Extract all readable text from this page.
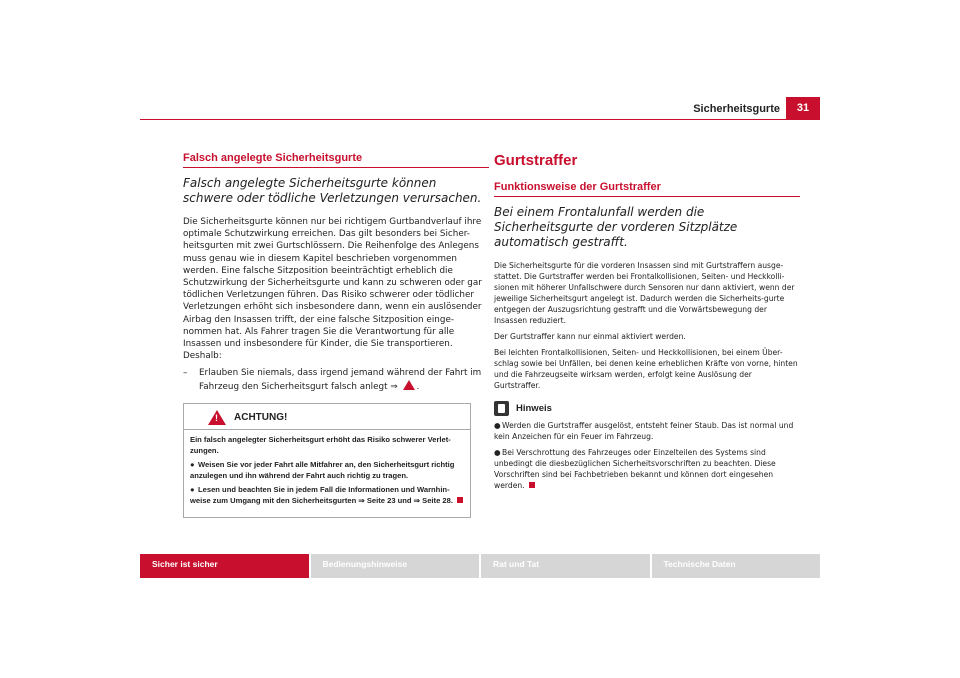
Sicherheitsgurte	31
Falsch angelegte Sicherheitsgurte

Falsch angelegte Sicherheitsgurte können schwere oder tödliche Verletzungen verursachen.

Die Sicherheitsgurte können nur bei richtigem Gurtbandverlauf ihre optimale Schutzwirkung erreichen. Das gilt besonders bei Sicher-heitsgurten mit zwei Gurtschlössern. Die Reihenfolge des Anlegens muss genau wie in diesem Kapitel beschrieben vorgenommen werden. Eine falsche Sitzposition beeinträchtigt erheblich die Schutzwirkung der Sicherheitsgurte und kann zu schweren oder gar tödlichen Verletzungen führen. Das Risiko schwerer oder tödlicher Verletzungen erhöht sich insbesondere dann, wenn ein auslösender Airbag den Insassen trifft, der eine falsche Sitzposition einge-nommen hat. Als Fahrer tragen Sie die Verantwortung für alle Insassen und insbesondere für Kinder, die Sie transportieren. Deshalb:

–	Erlauben Sie niemals, dass irgend jemand während der Fahrt im Fahrzeug den Sicherheitsgurt falsch anlegt ⇒ .
!
ACHTUNG!

Ein falsch angelegter Sicherheitsgurt erhöht das Risiko schwerer Verlet-zungen.

● Weisen Sie vor jeder Fahrt alle Mitfahrer an, den Sicherheitsgurt richtig anzulegen und ihn während der Fahrt auch richtig zu tragen.

● Lesen und beachten Sie in jedem Fall die Informationen und Warnhin-weise zum Umgang mit den Sicherheitsgurten ⇒ Seite 23 und ⇒ Seite 28.

Gurtstraffer
Funktionsweise der Gurtstraffer

Bei einem Frontalunfall werden die Sicherheitsgurte der vorderen Sitzplätze automatisch gestrafft.

Die Sicherheitsgurte für die vorderen Insassen sind mit Gurtstraffern ausge-stattet. Die Gurtstraffer werden bei Frontalkollisionen, Seiten- und Heckkolli-sionen mit höherer Unfallschwere durch Sensoren nur dann aktiviert, wenn der jeweilige Sicherheitsgurt angelegt ist. Dadurch werden die Sicherheits-gurte entgegen der Auszugsrichtung gestrafft und die Vorwärtsbewegung der Insassen reduziert.

Der Gurtstraffer kann nur einmal aktiviert werden.

Bei leichten Frontalkollisionen, Seiten- und Heckkollisionen, bei einem Über-schlag sowie bei Unfällen, bei denen keine erheblichen Kräfte von vorne, hinten und die Fahrzeugseite wirksam werden, erfolgt keine Auslösung der Gurtstraffer.

Hinweis

●Werden die Gurtstraffer ausgelöst, entsteht feiner Staub. Das ist normal und kein Anzeichen für ein Feuer im Fahrzeug.

●Bei Verschrottung des Fahrzeuges oder Einzelteilen des Systems sind unbedingt die diesbezüglichen Sicherheitsvorschriften zu beachten. Diese Vorschriften sind bei Fachbetrieben bekannt und können dort eingesehen werden.

Sicher ist sicher	Bedienungshinweise	Rat und Tat	Technische Daten
